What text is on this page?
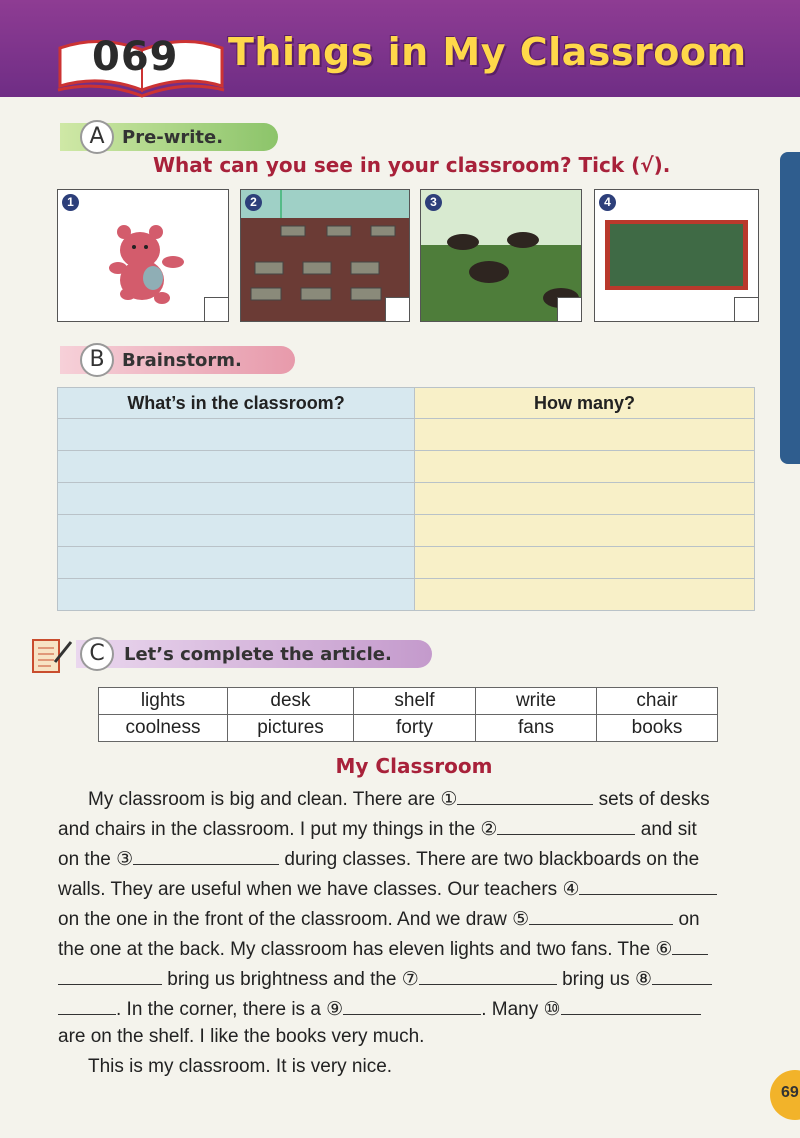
069	Things in My Classroom
A Pre-write.
What can you see in your classroom? Tick (√).
1	2	3	4
B Brainstorm.
What’s in the classroom?	How many?

C	Let’s complete the article.
lights	desk	shelf	write	chair
coolness	pictures	forty	fans	books
My Classroom
My classroom is big and clean. There are ①	sets of desks
and chairs in the classroom. I put my things in the ②	and sit
on the ③	during classes. There are two blackboards on the
walls. They are useful when we have classes. Our teachers ④
on the one in the front of the classroom. And we draw ⑤	on
the one at the back. My classroom has eleven lights and two fans. The ⑥
bring us brightness and the ⑦	bring us ⑧
. In the corner, there is a ⑨	. Many ⑩
are on the shelf. I like the books very much.
This is my classroom. It is very nice.
69
